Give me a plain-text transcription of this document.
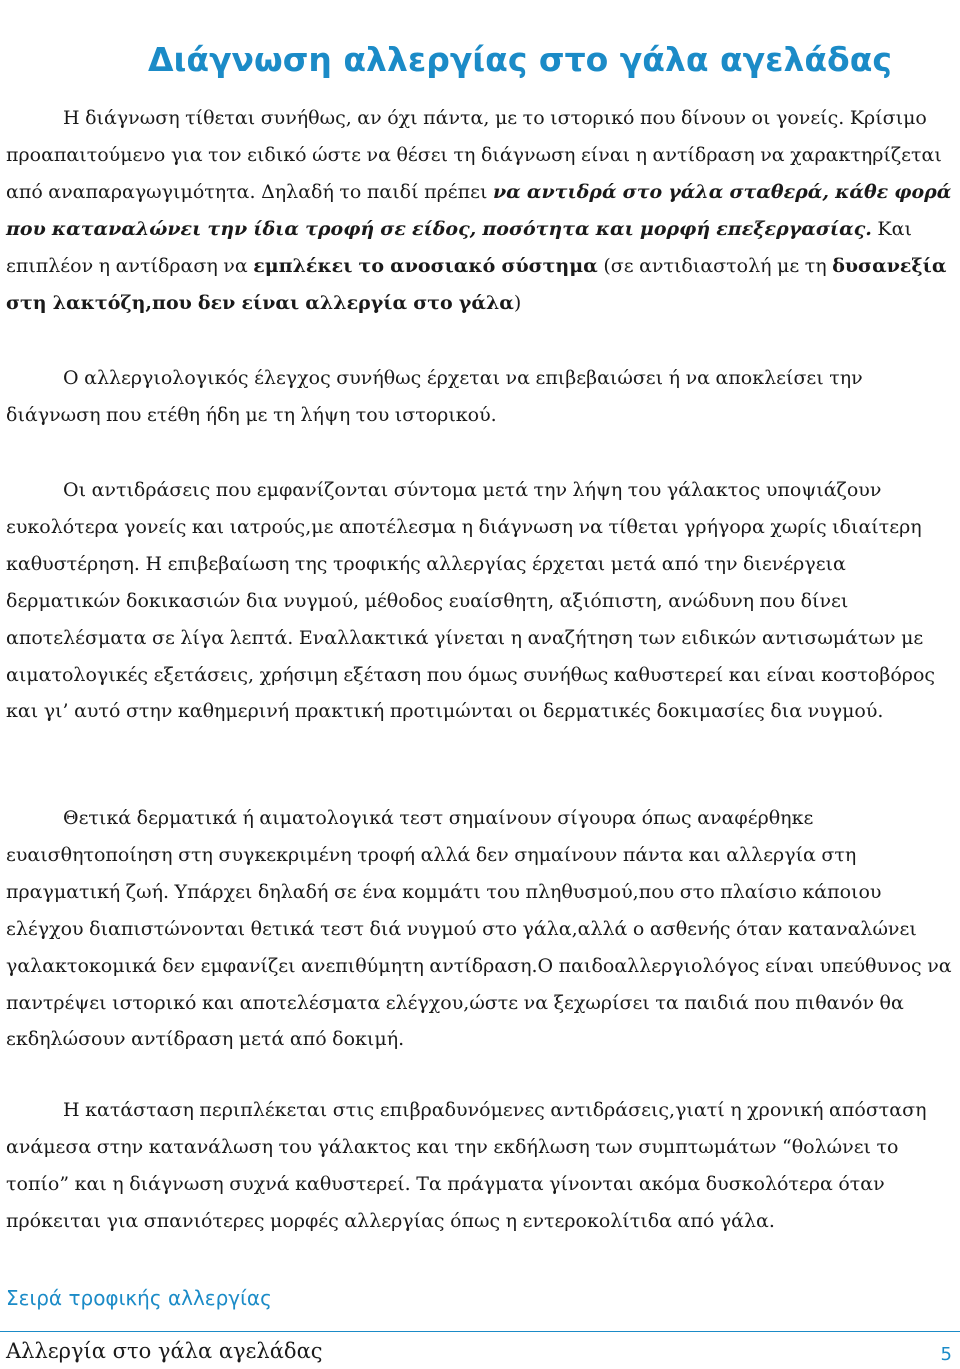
Διάγνωση αλλεργίας στο γάλα αγελάδας

Η διάγνωση τίθεται συνήθως, αν όχι πάντα, με το ιστορικό που δίνουν οι γονείς. Κρίσιμο προαπαιτούμενο για τον ειδικό ώστε να θέσει τη διάγνωση είναι η αντίδραση να χαρακτηρίζεται από αναπαραγωγιμότητα. Δηλαδή το παιδί πρέπει να αντιδρά στο γάλα σταθερά, κάθε φορά που καταναλώνει την ίδια τροφή σε είδος, ποσότητα και μορφή επεξεργασίας. Και επιπλέον η αντίδραση να εμπλέκει το ανοσιακό σύστημα (σε αντιδιαστολή με τη δυσανεξία στη λακτόζη,που δεν είναι αλλεργία στο γάλα)

Ο αλλεργιολογικός έλεγχος συνήθως έρχεται να επιβεβαιώσει ή να αποκλείσει την διάγνωση που ετέθη ήδη με τη λήψη του ιστορικού.

Οι αντιδράσεις που εμφανίζονται σύντομα μετά την λήψη του γάλακτος υποψιάζουν ευκολότερα γονείς και ιατρούς,με αποτέλεσμα η διάγνωση να τίθεται γρήγορα χωρίς ιδιαίτερη καθυστέρηση. Η επιβεβαίωση της τροφικής αλλεργίας έρχεται μετά από την διενέργεια δερματικών δοκικασιών δια νυγμού, μέθοδος ευαίσθητη, αξιόπιστη, ανώδυνη που δίνει αποτελέσματα σε λίγα λεπτά. Εναλλακτικά γίνεται η αναζήτηση των ειδικών αντισωμάτων με αιματολογικές εξετάσεις, χρήσιμη εξέταση που όμως συνήθως καθυστερεί και είναι κοστοβόρος και γι’ αυτό στην καθημερινή πρακτική προτιμώνται οι δερματικές δοκιμασίες δια νυγμού.

Θετικά δερματικά ή αιματολογικά τεστ σημαίνουν σίγουρα όπως αναφέρθηκε ευαισθητοποίηση στη συγκεκριμένη τροφή αλλά δεν σημαίνουν πάντα και αλλεργία στη πραγματική ζωή. Υπάρχει δηλαδή σε ένα κομμάτι του πληθυσμού,που στο πλαίσιο κάποιου ελέγχου διαπιστώνονται θετικά τεστ διά νυγμού στο γάλα,αλλά ο ασθενής όταν καταναλώνει γαλακτοκομικά δεν εμφανίζει ανεπιθύμητη αντίδραση.Ο παιδοαλλεργιολόγος είναι υπεύθυνος να παντρέψει ιστορικό και αποτελέσματα ελέγχου,ώστε να ξεχωρίσει τα παιδιά που πιθανόν θα εκδηλώσουν αντίδραση μετά από δοκιμή.

Η κατάσταση περιπλέκεται στις επιβραδυνόμενες αντιδράσεις,γιατί η χρονική απόσταση ανάμεσα στην κατανάλωση του γάλακτος και την εκδήλωση των συμπτωμάτων “θολώνει το τοπίο” και η διάγνωση συχνά καθυστερεί. Τα πράγματα γίνονται ακόμα δυσκολότερα όταν πρόκειται για σπανιότερες μορφές αλλεργίας όπως η εντεροκολίτιδα από γάλα.

Σειρά τροφικής αλλεργίας
Αλλεργία στο γάλα αγελάδας	5
